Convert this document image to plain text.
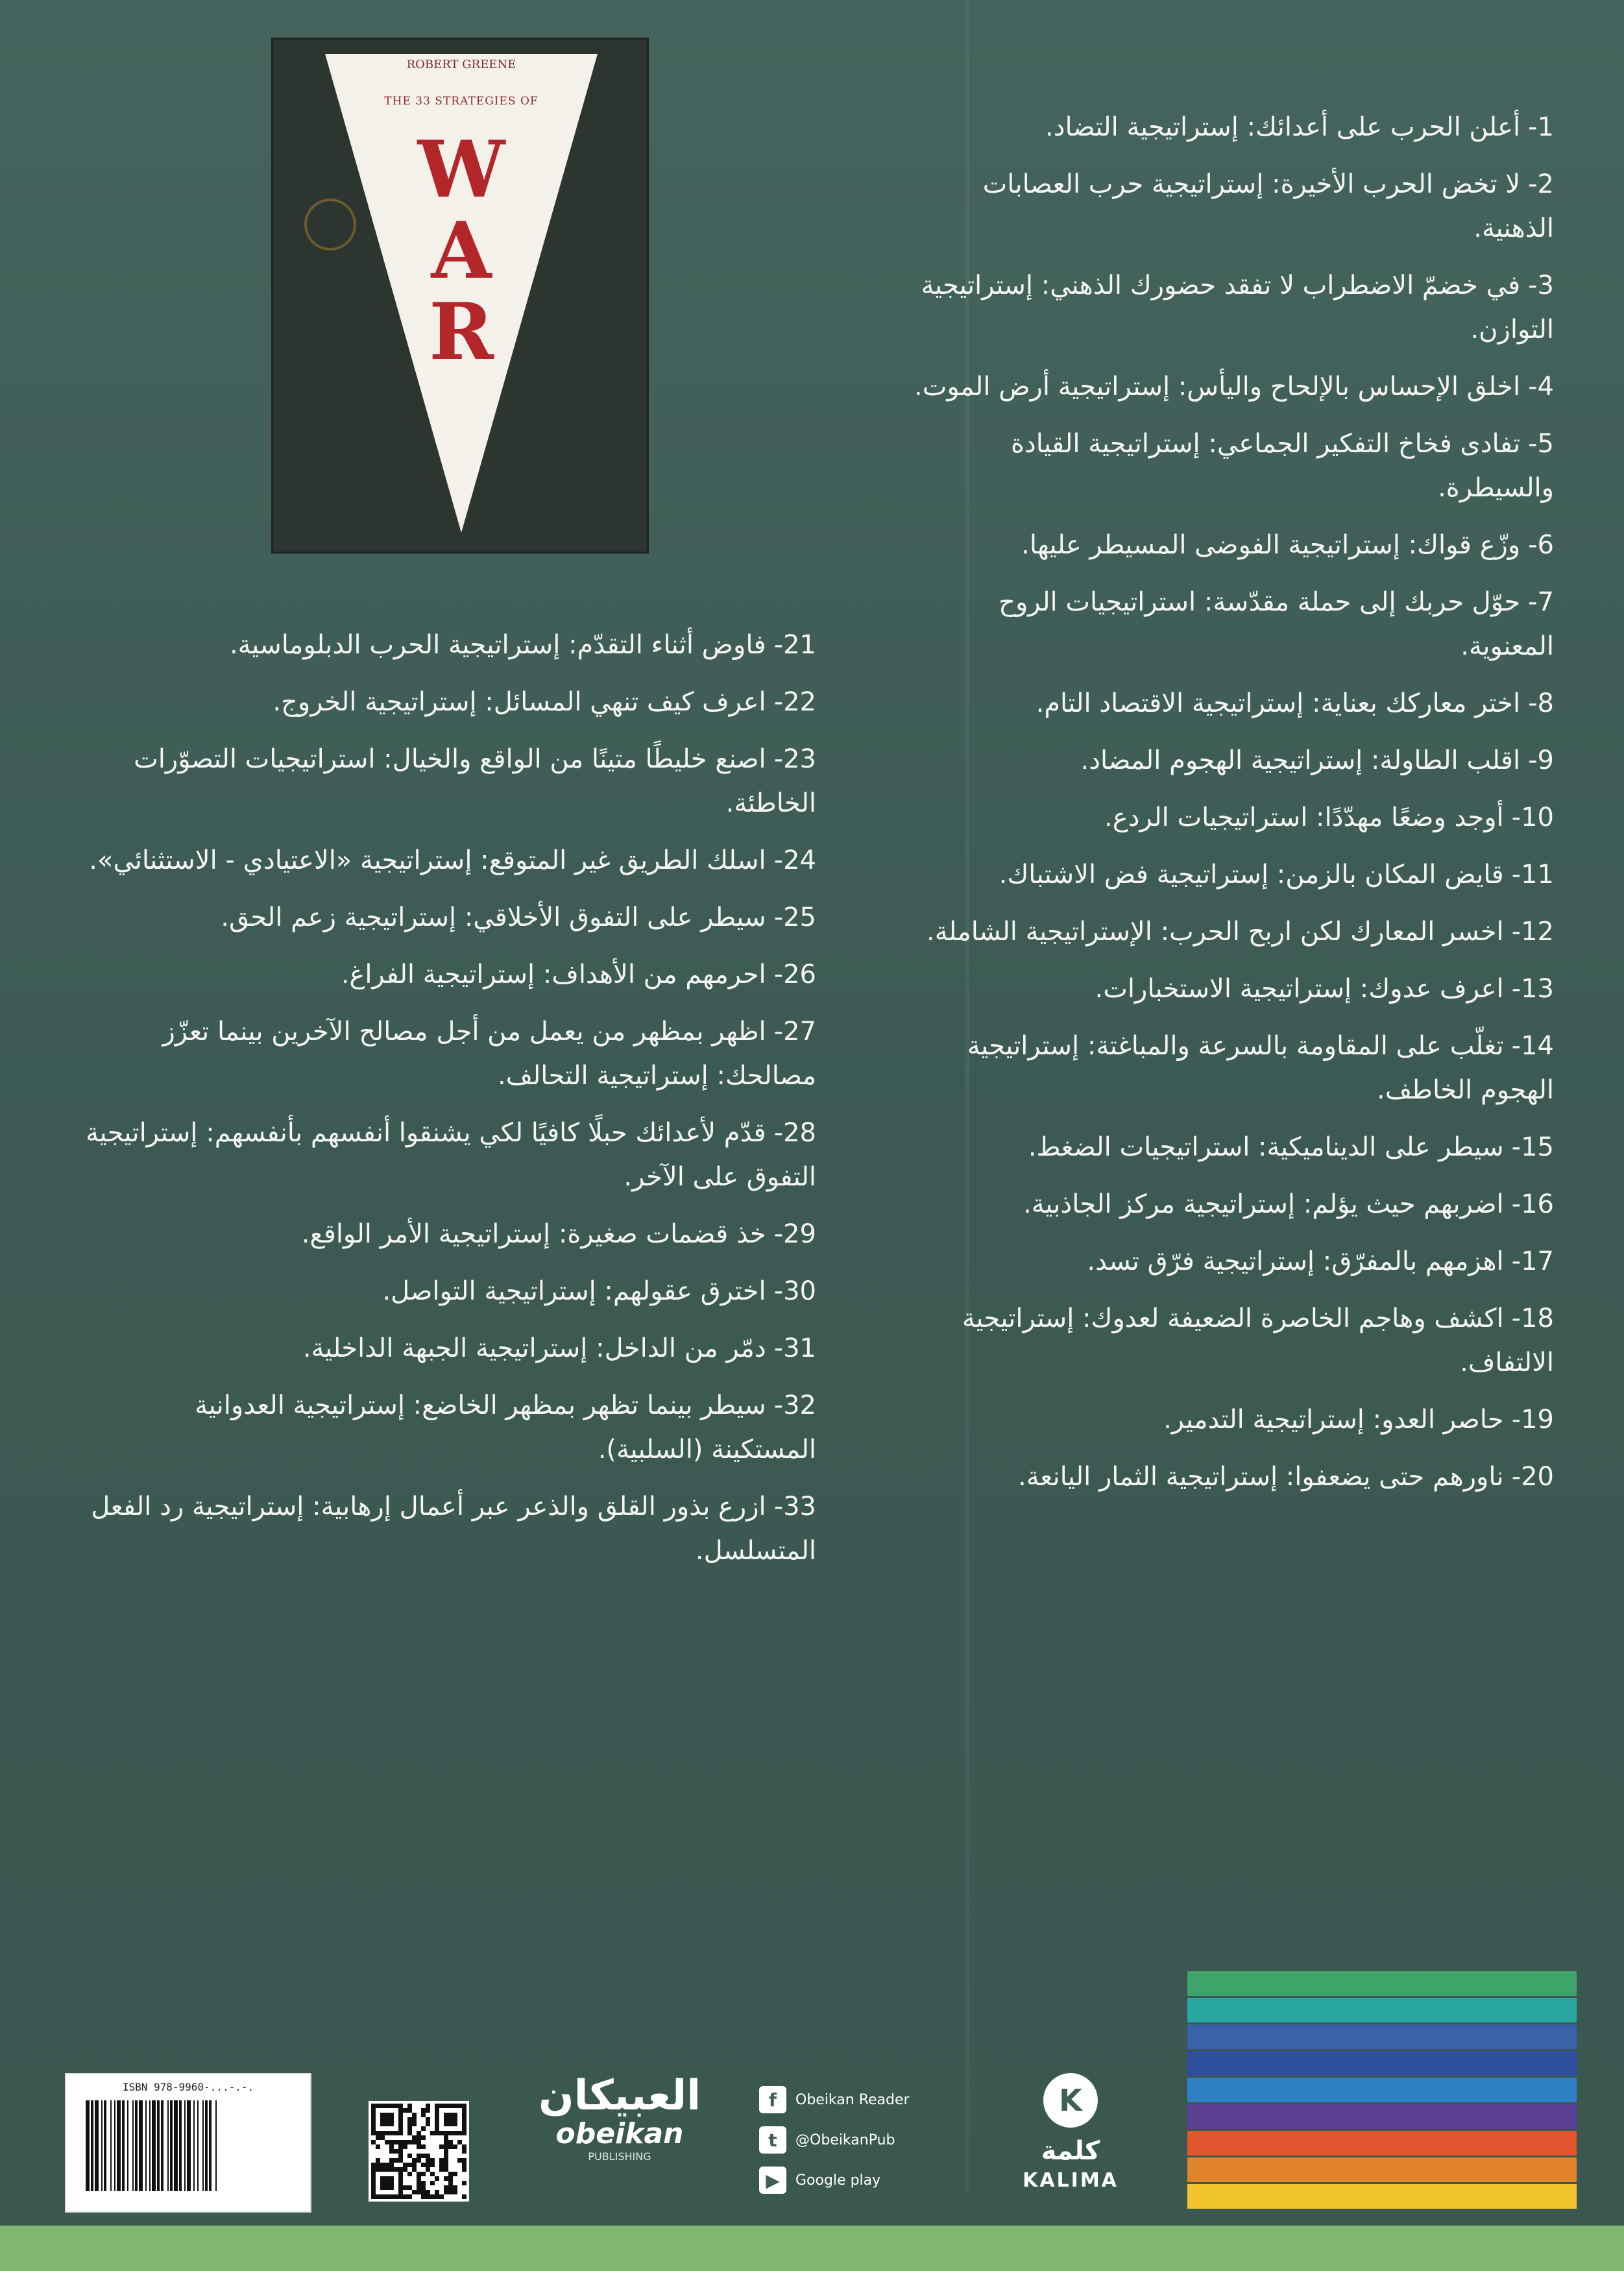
ROBERT GREENE
THE 33 STRATEGIES OF
W
A
R
1-أعلن الحرب على أعدائك: إستراتيجية التضاد.
2-لا تخض الحرب الأخيرة: إستراتيجية حرب العصابات الذهنية.
3-في خضمّ الاضطراب لا تفقد حضورك الذهني: إستراتيجية التوازن.
4-اخلق الإحساس بالإلحاح واليأس: إستراتيجية أرض الموت.
5-تفادى فخاخ التفكير الجماعي: إستراتيجية القيادة والسيطرة.
6-وزّع قواك: إستراتيجية الفوضى المسيطر عليها.
7-حوّل حربك إلى حملة مقدّسة: استراتيجيات الروح المعنوية.
8-اختر معاركك بعناية: إستراتيجية الاقتصاد التام.
9-اقلب الطاولة: إستراتيجية الهجوم المضاد.
10-أوجد وضعًا مهدّدًا: استراتيجيات الردع.
11-قايض المكان بالزمن: إستراتيجية فض الاشتباك.
12-اخسر المعارك لكن اربح الحرب: الإستراتيجية الشاملة.
13-اعرف عدوك: إستراتيجية الاستخبارات.
14-تغلّب على المقاومة بالسرعة والمباغتة: إستراتيجية الهجوم الخاطف.
15-سيطر على الديناميكية: استراتيجيات الضغط.
16-اضربهم حيث يؤلم: إستراتيجية مركز الجاذبية.
17-اهزمهم بالمفرّق: إستراتيجية فرّق تسد.
18-اكشف وهاجم الخاصرة الضعيفة لعدوك: إستراتيجية الالتفاف.
19-حاصر العدو: إستراتيجية التدمير.
20-ناورهم حتى يضعفوا: إستراتيجية الثمار اليانعة.
21-فاوض أثناء التقدّم: إستراتيجية الحرب الدبلوماسية.
22-اعرف كيف تنهي المسائل: إستراتيجية الخروج.
23-اصنع خليطًا متينًا من الواقع والخيال: استراتيجيات التصوّرات الخاطئة.
24-اسلك الطريق غير المتوقع: إستراتيجية «الاعتيادي - الاستثنائي».
25-سيطر على التفوق الأخلاقي: إستراتيجية زعم الحق.
26-احرمهم من الأهداف: إستراتيجية الفراغ.
27-اظهر بمظهر من يعمل من أجل مصالح الآخرين بينما تعزّز مصالحك: إستراتيجية التحالف.
28-قدّم لأعدائك حبلًا كافيًا لكي يشنقوا أنفسهم بأنفسهم: إستراتيجية التفوق على الآخر.
29-خذ قضمات صغيرة: إستراتيجية الأمر الواقع.
30-اخترق عقولهم: إستراتيجية التواصل.
31-دمّر من الداخل: إستراتيجية الجبهة الداخلية.
32-سيطر بينما تظهر بمظهر الخاضع: إستراتيجية العدوانية المستكينة (السلبية).
33-ازرع بذور القلق والذعر عبر أعمال إرهابية: إستراتيجية رد الفعل المتسلسل.
ISBN 978-9960-...-.-.	العبيكان
obeikan
PUBLISHING
f	Obeikan Reader
t	@ObeikanPub
▶	Google play
K
كلمة
KALIMA
